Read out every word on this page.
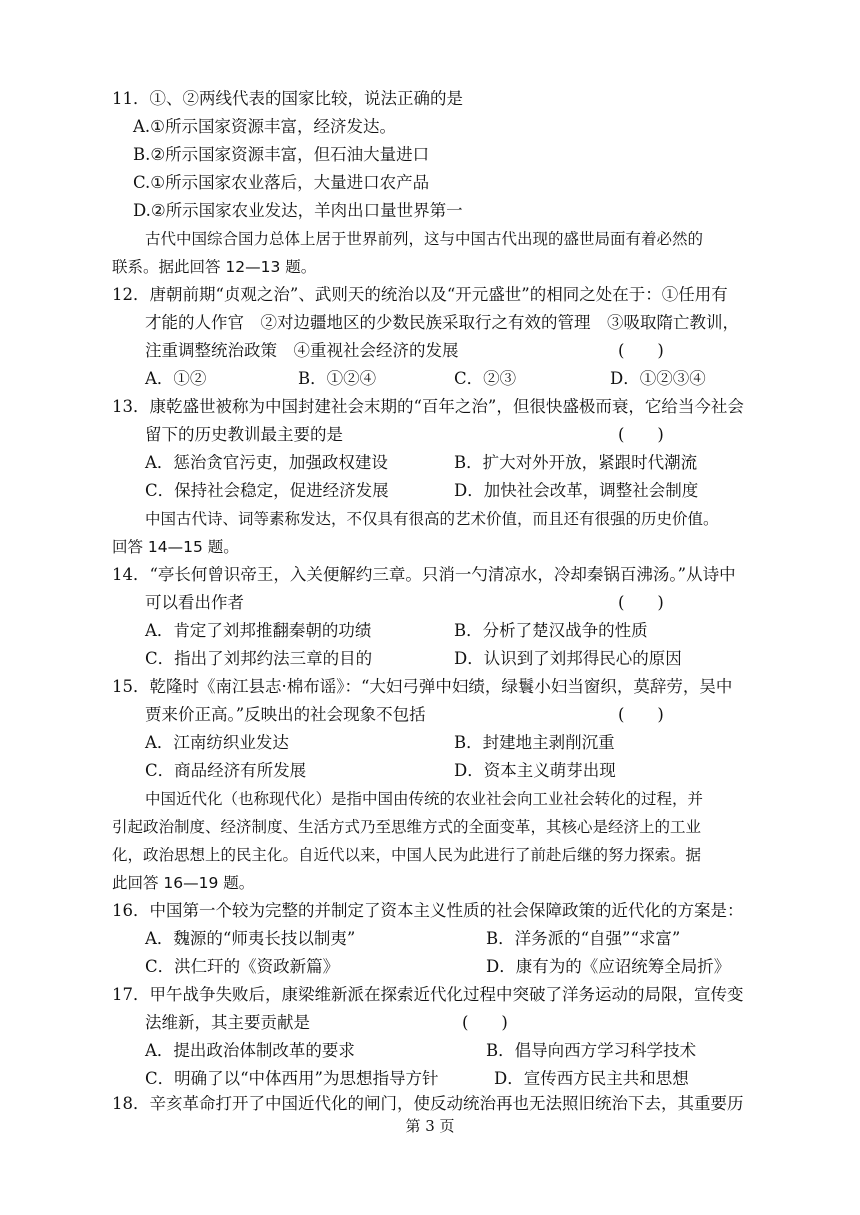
11．①、②两线代表的国家比较，说法正确的是
A.①所示国家资源丰富，经济发达。
B.②所示国家资源丰富，但石油大量进口
C.①所示国家农业落后，大量进口农产品
D.②所示国家农业发达，羊肉出口量世界第一
古代中国综合国力总体上居于世界前列，这与中国古代出现的盛世局面有着必然的
联系。据此回答 12—13 题。
12．唐朝前期“贞观之治”、武则天的统治以及“开元盛世”的相同之处在于：①任用有
才能的人作官　②对边疆地区的少数民族采取行之有效的管理　③吸取隋亡教训，
注重调整统治政策　④重视社会经济的发展	(　　)
A．①②	B．①②④	C．②③	D．①②③④
13．康乾盛世被称为中国封建社会末期的“百年之治”，但很快盛极而衰，它给当今社会
留下的历史教训最主要的是	(　　)
A．惩治贪官污吏，加强政权建设	B．扩大对外开放，紧跟时代潮流
C．保持社会稳定，促进经济发展	D．加快社会改革，调整社会制度
中国古代诗、词等素称发达，不仅具有很高的艺术价值，而且还有很强的历史价值。
回答 14—15 题。
14．“亭长何曾识帝王，入关便解约三章。只消一勺清凉水，冷却秦锅百沸汤。”从诗中
可以看出作者	(　　)
A．肯定了刘邦推翻秦朝的功绩	B．分析了楚汉战争的性质
C．指出了刘邦约法三章的目的	D．认识到了刘邦得民心的原因
15．乾隆时《南江县志·棉布谣》：“大妇弓弹中妇绩，绿鬟小妇当窗织，莫辞劳，吴中
贾来价正高。”反映出的社会现象不包括	(　　)
A．江南纺织业发达	B．封建地主剥削沉重
C．商品经济有所发展	D．资本主义萌芽出现
中国近代化（也称现代化）是指中国由传统的农业社会向工业社会转化的过程，并
引起政治制度、经济制度、生活方式乃至思维方式的全面变革，其核心是经济上的工业
化，政治思想上的民主化。自近代以来，中国人民为此进行了前赴后继的努力探索。据
此回答 16—19 题。
16．中国第一个较为完整的并制定了资本主义性质的社会保障政策的近代化的方案是：
A．魏源的“师夷长技以制夷”	B．洋务派的“自强”“求富”
C．洪仁玕的《资政新篇》	D．康有为的《应诏统筹全局折》
17．甲午战争失败后，康梁维新派在探索近代化过程中突破了洋务运动的局限，宣传变
法维新，其主要贡献是	(　　)
A．提出政治体制改革的要求	B．倡导向西方学习科学技术
C．明确了以“中体西用”为思想指导方针	D．宣传西方民主共和思想
18．辛亥革命打开了中国近代化的闸门，使反动统治再也无法照旧统治下去，其重要历
第 3 页
